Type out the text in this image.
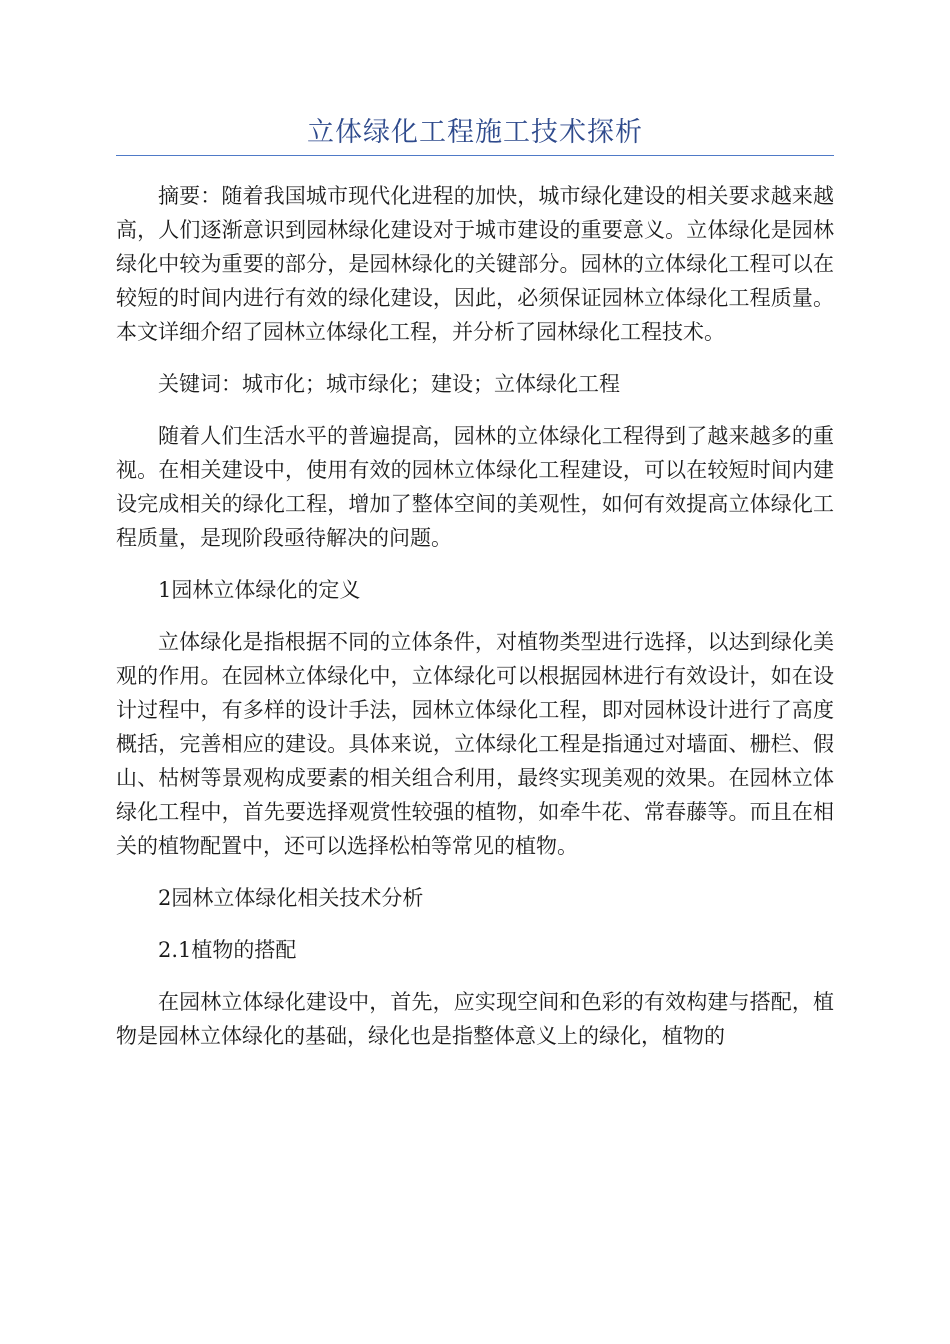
立体绿化工程施工技术探析

摘要：随着我国城市现代化进程的加快，城市绿化建设的相关要求越来越高，人们逐渐意识到园林绿化建设对于城市建设的重要意义。立体绿化是园林绿化中较为重要的部分，是园林绿化的关键部分。园林的立体绿化工程可以在较短的时间内进行有效的绿化建设，因此，必须保证园林立体绿化工程质量。本文详细介绍了园林立体绿化工程，并分析了园林绿化工程技术。

关键词：城市化；城市绿化；建设；立体绿化工程

随着人们生活水平的普遍提高，园林的立体绿化工程得到了越来越多的重视。在相关建设中，使用有效的园林立体绿化工程建设，可以在较短时间内建设完成相关的绿化工程，增加了整体空间的美观性，如何有效提高立体绿化工程质量，是现阶段亟待解决的问题。

1园林立体绿化的定义

立体绿化是指根据不同的立体条件，对植物类型进行选择，以达到绿化美观的作用。在园林立体绿化中，立体绿化可以根据园林进行有效设计，如在设计过程中，有多样的设计手法，园林立体绿化工程，即对园林设计进行了高度概括，完善相应的建设。具体来说，立体绿化工程是指通过对墙面、栅栏、假山、枯树等景观构成要素的相关组合利用，最终实现美观的效果。在园林立体绿化工程中，首先要选择观赏性较强的植物，如牵牛花、常春藤等。而且在相关的植物配置中，还可以选择松柏等常见的植物。

2园林立体绿化相关技术分析

2.1植物的搭配

在园林立体绿化建设中，首先，应实现空间和色彩的有效构建与搭配，植物是园林立体绿化的基础，绿化也是指整体意义上的绿化，植物的
